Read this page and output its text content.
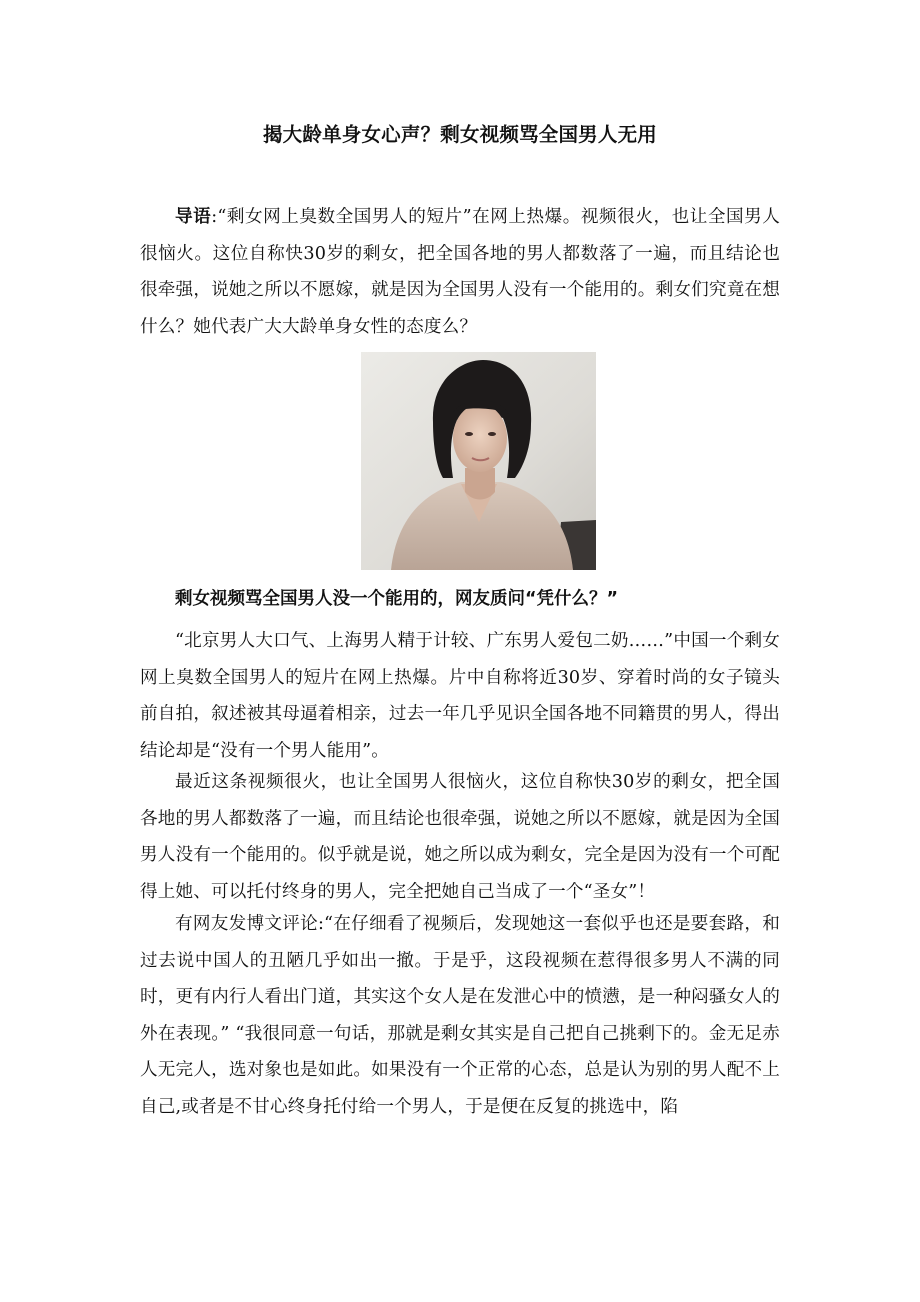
揭大龄单身女心声？剩女视频骂全国男人无用

导语:“剩女网上臭数全国男人的短片”在网上热爆。视频很火，也让全国男人很恼火。这位自称快30岁的剩女，把全国各地的男人都数落了一遍，而且结论也很牵强，说她之所以不愿嫁，就是因为全国男人没有一个能用的。剩女们究竟在想什么？她代表广大大龄单身女性的态度么？

剩女视频骂全国男人没一个能用的，网友质问“凭什么？”

“北京男人大口气、上海男人精于计较、广东男人爱包二奶……”中国一个剩女网上臭数全国男人的短片在网上热爆。片中自称将近30岁、穿着时尚的女子镜头前自拍，叙述被其母逼着相亲，过去一年几乎见识全国各地不同籍贯的男人，得出结论却是“没有一个男人能用”。

最近这条视频很火，也让全国男人很恼火，这位自称快30岁的剩女，把全国各地的男人都数落了一遍，而且结论也很牵强，说她之所以不愿嫁，就是因为全国男人没有一个能用的。似乎就是说，她之所以成为剩女，完全是因为没有一个可配得上她、可以托付终身的男人，完全把她自己当成了一个“圣女”！

有网友发博文评论:“在仔细看了视频后，发现她这一套似乎也还是要套路，和过去说中国人的丑陋几乎如出一撤。于是乎，这段视频在惹得很多男人不满的同时，更有内行人看出门道，其实这个女人是在发泄心中的愤懑，是一种闷骚女人的外在表现。” “我很同意一句话，那就是剩女其实是自己把自己挑剩下的。金无足赤人无完人，选对象也是如此。如果没有一个正常的心态，总是认为别的男人配不上自己,或者是不甘心终身托付给一个男人，于是便在反复的挑选中，陷
